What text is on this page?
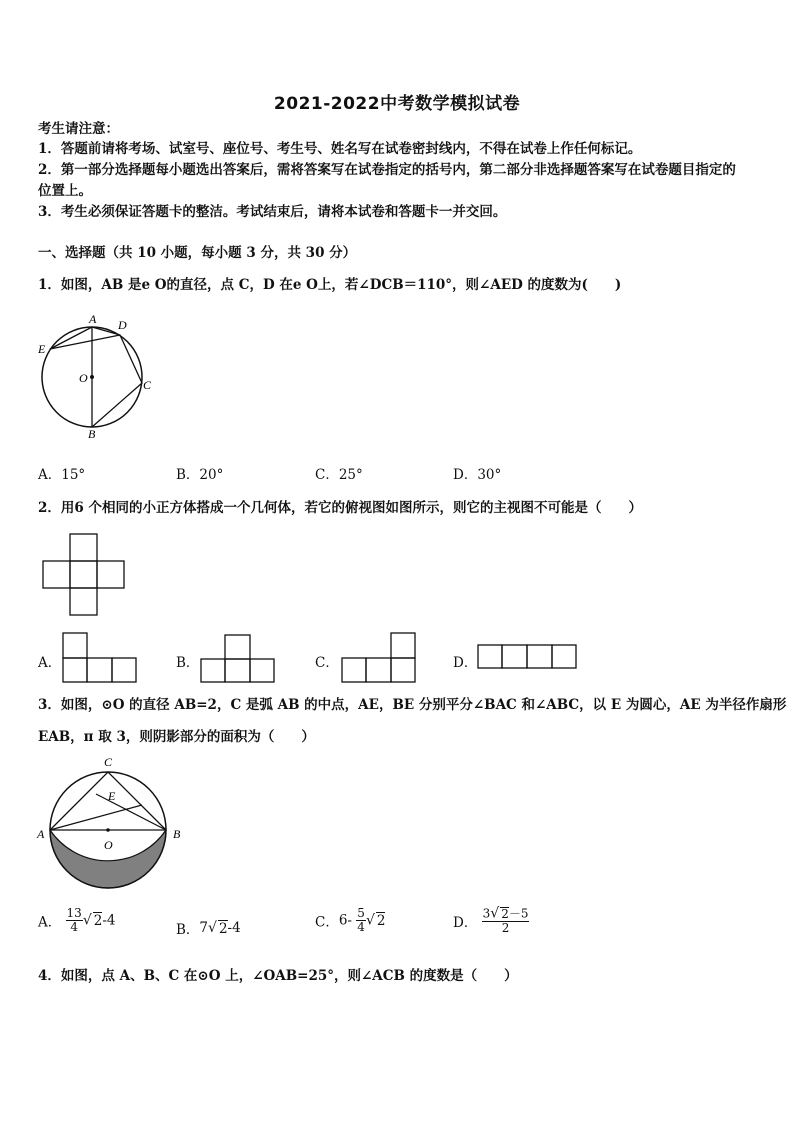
2021-2022中考数学模拟试卷
考生请注意：
1．答题前请将考场、试室号、座位号、考生号、姓名写在试卷密封线内，不得在试卷上作任何标记。
2．第一部分选择题每小题选出答案后，需将答案写在试卷指定的括号内，第二部分非选择题答案写在试卷题目指定的
位置上。
3．考生必须保证答题卡的整洁。考试结束后，请将本试卷和答题卡一并交回。
一、选择题（共 10 小题，每小题 3 分，共 30 分）
1．如图，AB 是e O的直径，点 C，D 在e O上，若∠DCB＝110°，则∠AED 的度数为(　　)
A D
E
O	C
B
A．15°	B．20°	C．25°	D．30°
2．用6 个相同的小正方体搭成一个几何体，若它的俯视图如图所示，则它的主视图不可能是（　　）
A．	B．	C．	D．
3．如图，⊙O 的直径 AB=2，C 是弧 AB 的中点，AE，BE 分别平分∠BAC 和∠ABC，以 E 为圆心，AE 为半径作扇形
EAB，π 取 3，则阴影部分的面积为（　　）
C
E
A	B
O
A． $\frac{13}{4}$ √ 2-4
B．7√ 2-4	C．$6- \frac{5}{4}$ √ 2	D． $\frac{3√ 2-5}{2}$
4．如图，点 A、B、C 在⊙O 上，∠OAB=25°，则∠ACB 的度数是（　　）
